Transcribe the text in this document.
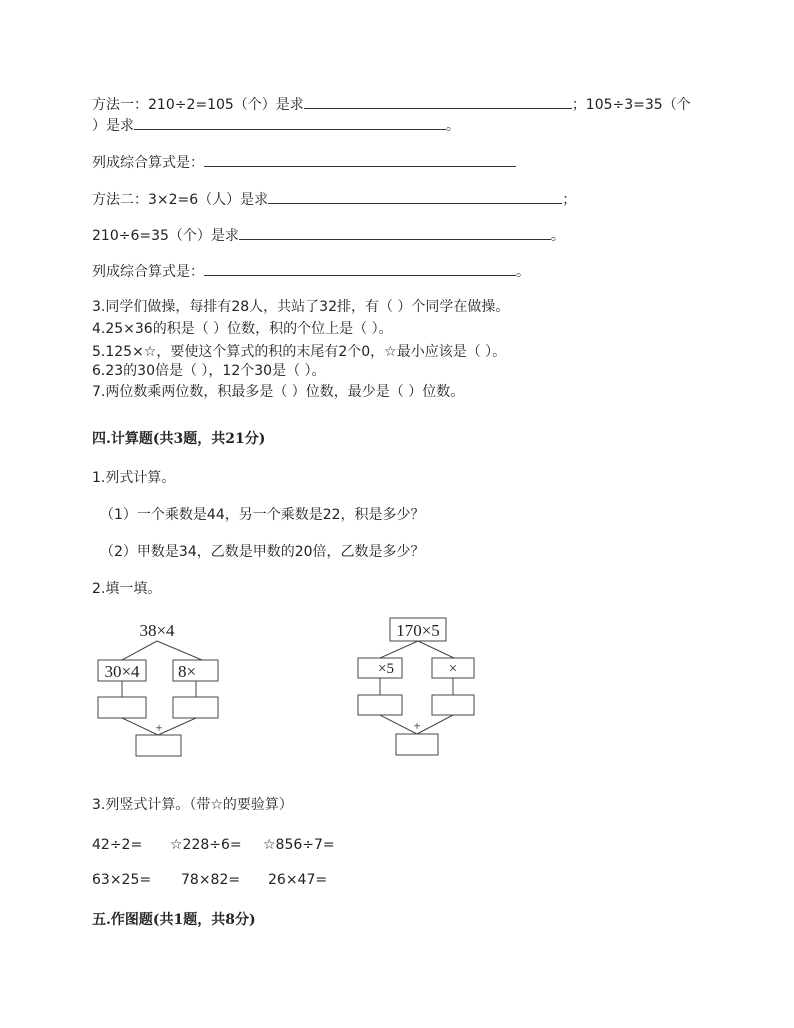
方法一：210÷2=105（个）是求	；105÷3=35（个
）是求	。
列成综合算式是：
方法二：3×2=6（人）是求	；
210÷6=35（个）是求	。
列成综合算式是：	。
3.同学们做操，每排有28人，共站了32排，有（ ）个同学在做操。
4.25×36的积是（ ）位数，积的个位上是（ ）。
5.125×☆，要使这个算式的积的末尾有2个0，☆最小应该是（ ）。
6.23的30倍是（ ），12个30是（ ）。
7.两位数乘两位数，积最多是（ ）位数，最少是（ ）位数。
四.计算题(共3题，共21分)
1.列式计算。
（1）一个乘数是44，另一个乘数是22，积是多少？
（2）甲数是34，乙数是甲数的20倍，乙数是多少？
2.填一填。
38×4
30×4 8×
+
170×5
×5	×
+
3.列竖式计算。（带☆的要验算）
42÷2= ☆228÷6= ☆856÷7=
63×25= 78×82= 26×47=
五.作图题(共1题，共8分)
